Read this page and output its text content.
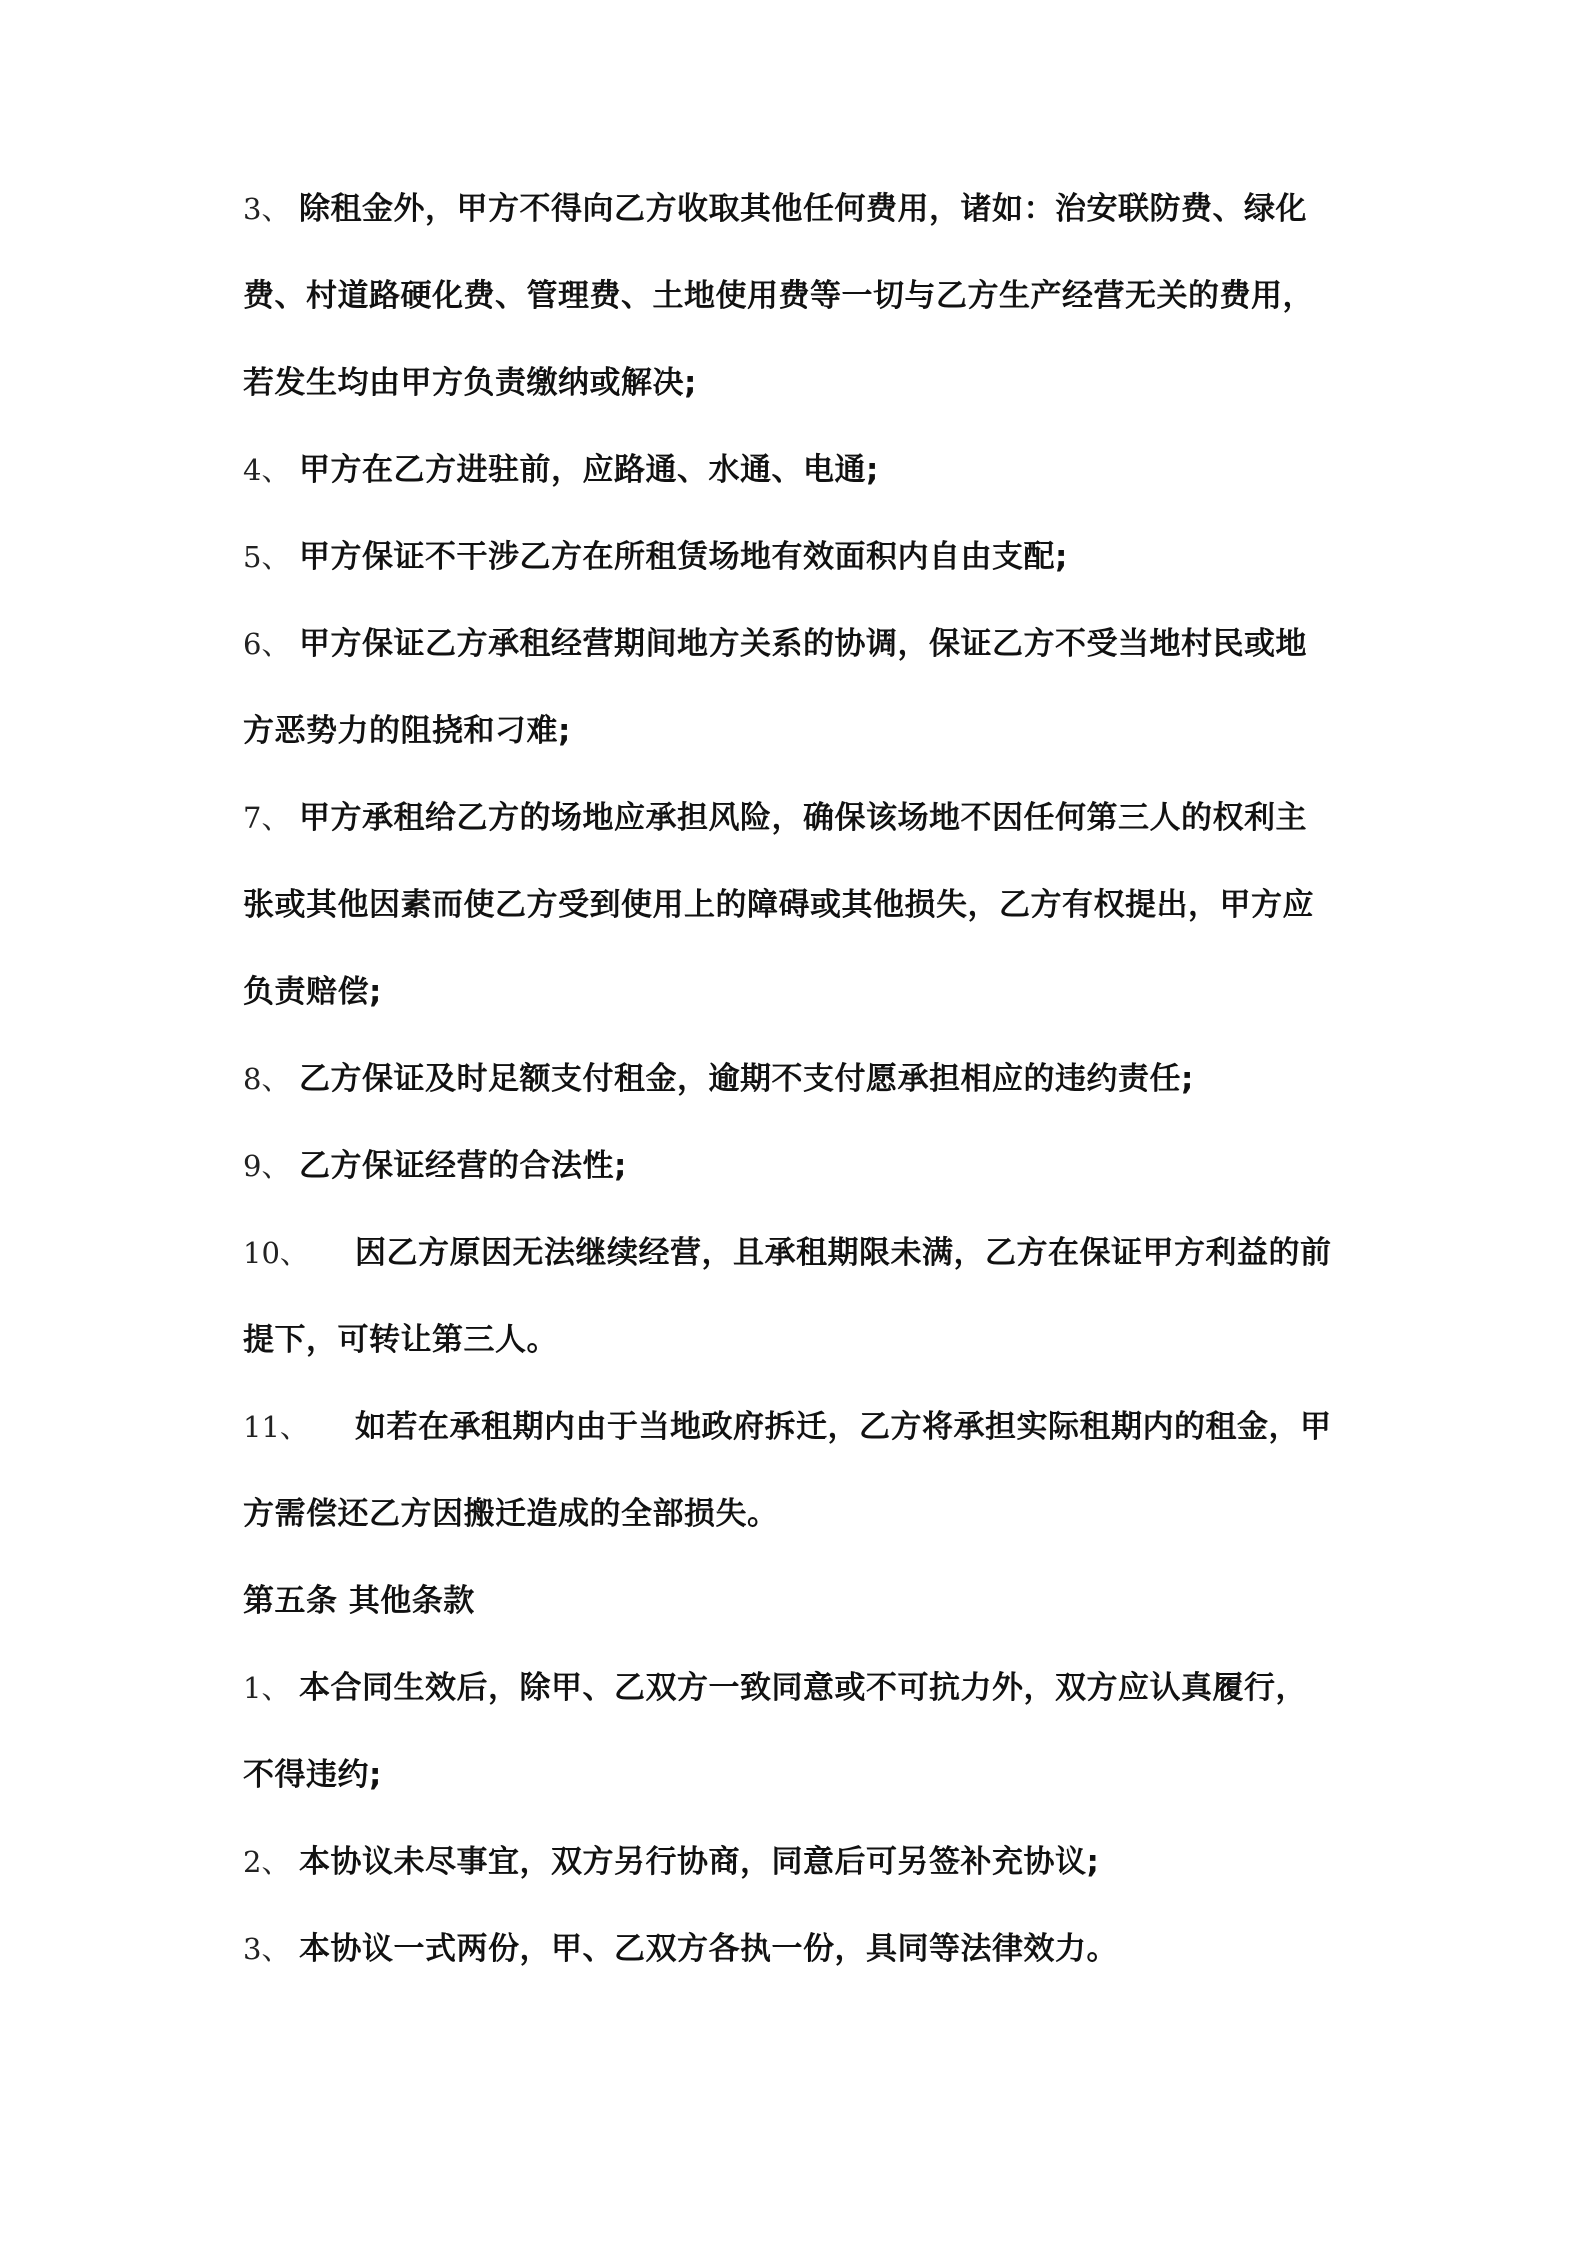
3、 除租金外，甲方不得向乙方收取其他任何费用，诸如：治安联防费、绿化
费、村道路硬化费、管理费、土地使用费等一切与乙方生产经营无关的费用，
若发生均由甲方负责缴纳或解决;
4、 甲方在乙方进驻前，应路通、水通、电通;
5、 甲方保证不干涉乙方在所租赁场地有效面积内自由支配;
6、 甲方保证乙方承租经营期间地方关系的协调，保证乙方不受当地村民或地
方恶势力的阻挠和刁难;
7、 甲方承租给乙方的场地应承担风险，确保该场地不因任何第三人的权利主
张或其他因素而使乙方受到使用上的障碍或其他损失，乙方有权提出，甲方应
负责赔偿;
8、 乙方保证及时足额支付租金，逾期不支付愿承担相应的违约责任;
9、 乙方保证经营的合法性;
10、 因乙方原因无法继续经营，且承租期限未满，乙方在保证甲方利益的前
提下，可转让第三人。
11、 如若在承租期内由于当地政府拆迁，乙方将承担实际租期内的租金，甲
方需偿还乙方因搬迁造成的全部损失。
第五条 其他条款
1、 本合同生效后，除甲、乙双方一致同意或不可抗力外，双方应认真履行，
不得违约;
2、 本协议未尽事宜，双方另行协商，同意后可另签补充协议;
3、 本协议一式两份，甲、乙双方各执一份，具同等法律效力。
